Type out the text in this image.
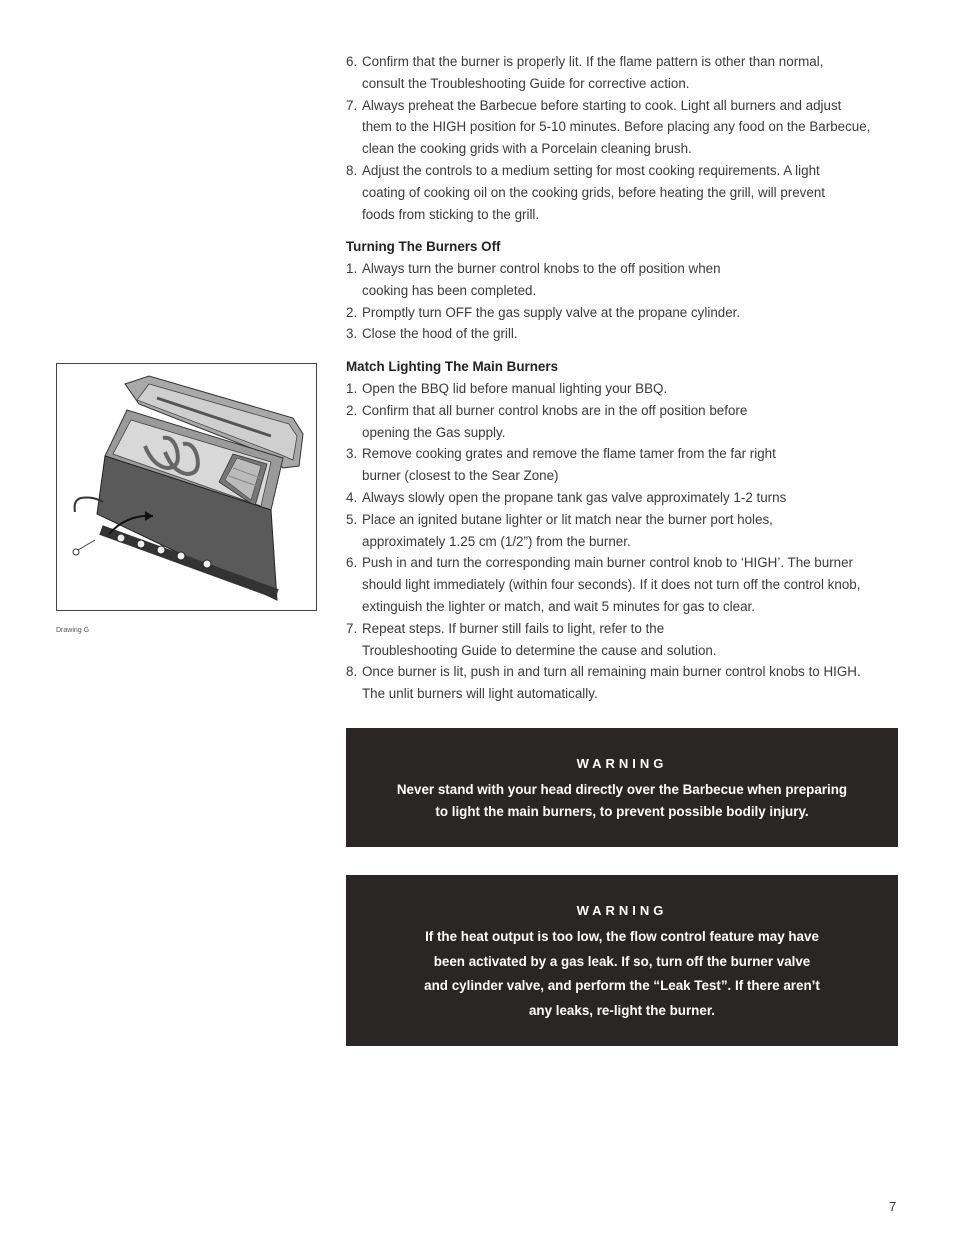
6. Confirm that the burner is properly lit. If the flame pattern is other than normal,
consult the Troubleshooting Guide for corrective action.
7. Always preheat the Barbecue before starting to cook. Light all burners and adjust
them to the HIGH position for 5-10 minutes. Before placing any food on the Barbecue,
clean the cooking grids with a Porcelain cleaning brush.
8. Adjust the controls to a medium setting for most cooking requirements. A light
coating of cooking oil on the cooking grids, before heating the grill, will prevent
foods from sticking to the grill.
Turning The Burners Off
1. Always turn the burner control knobs to the off position when
cooking has been completed.
2. Promptly turn OFF the gas supply valve at the propane cylinder.
3. Close the hood of the grill.
Match Lighting The Main Burners
1. Open the BBQ lid before manual lighting your BBQ.
2. Confirm that all burner control knobs are in the off position before
opening the Gas supply.
3. Remove cooking grates and remove the flame tamer from the far right
burner (closest to the Sear Zone)
4. Always slowly open the propane tank gas valve approximately 1-2 turns
5. Place an ignited butane lighter or lit match near the burner port holes,
approximately 1.25 cm (1/2”) from the burner.
6. Push in and turn the corresponding main burner control knob to ‘HIGH’. The burner
should light immediately (within four seconds). If it does not turn off the control knob,
extinguish the lighter or match, and wait 5 minutes for gas to clear.
7. Repeat steps. If burner still fails to light, refer to the
Troubleshooting Guide to determine the cause and solution.
8. Once burner is lit, push in and turn all remaining main burner control knobs to HIGH.
The unlit burners will light automatically.
Drawing G
WARNING
Never stand with your head directly over the Barbecue when preparing
to light the main burners, to prevent possible bodily injury.
WARNING
If the heat output is too low, the flow control feature may have
been activated by a gas leak. If so, turn off the burner valve
and cylinder valve, and perform the “Leak Test”. If there aren’t
any leaks, re-light the burner.
7
